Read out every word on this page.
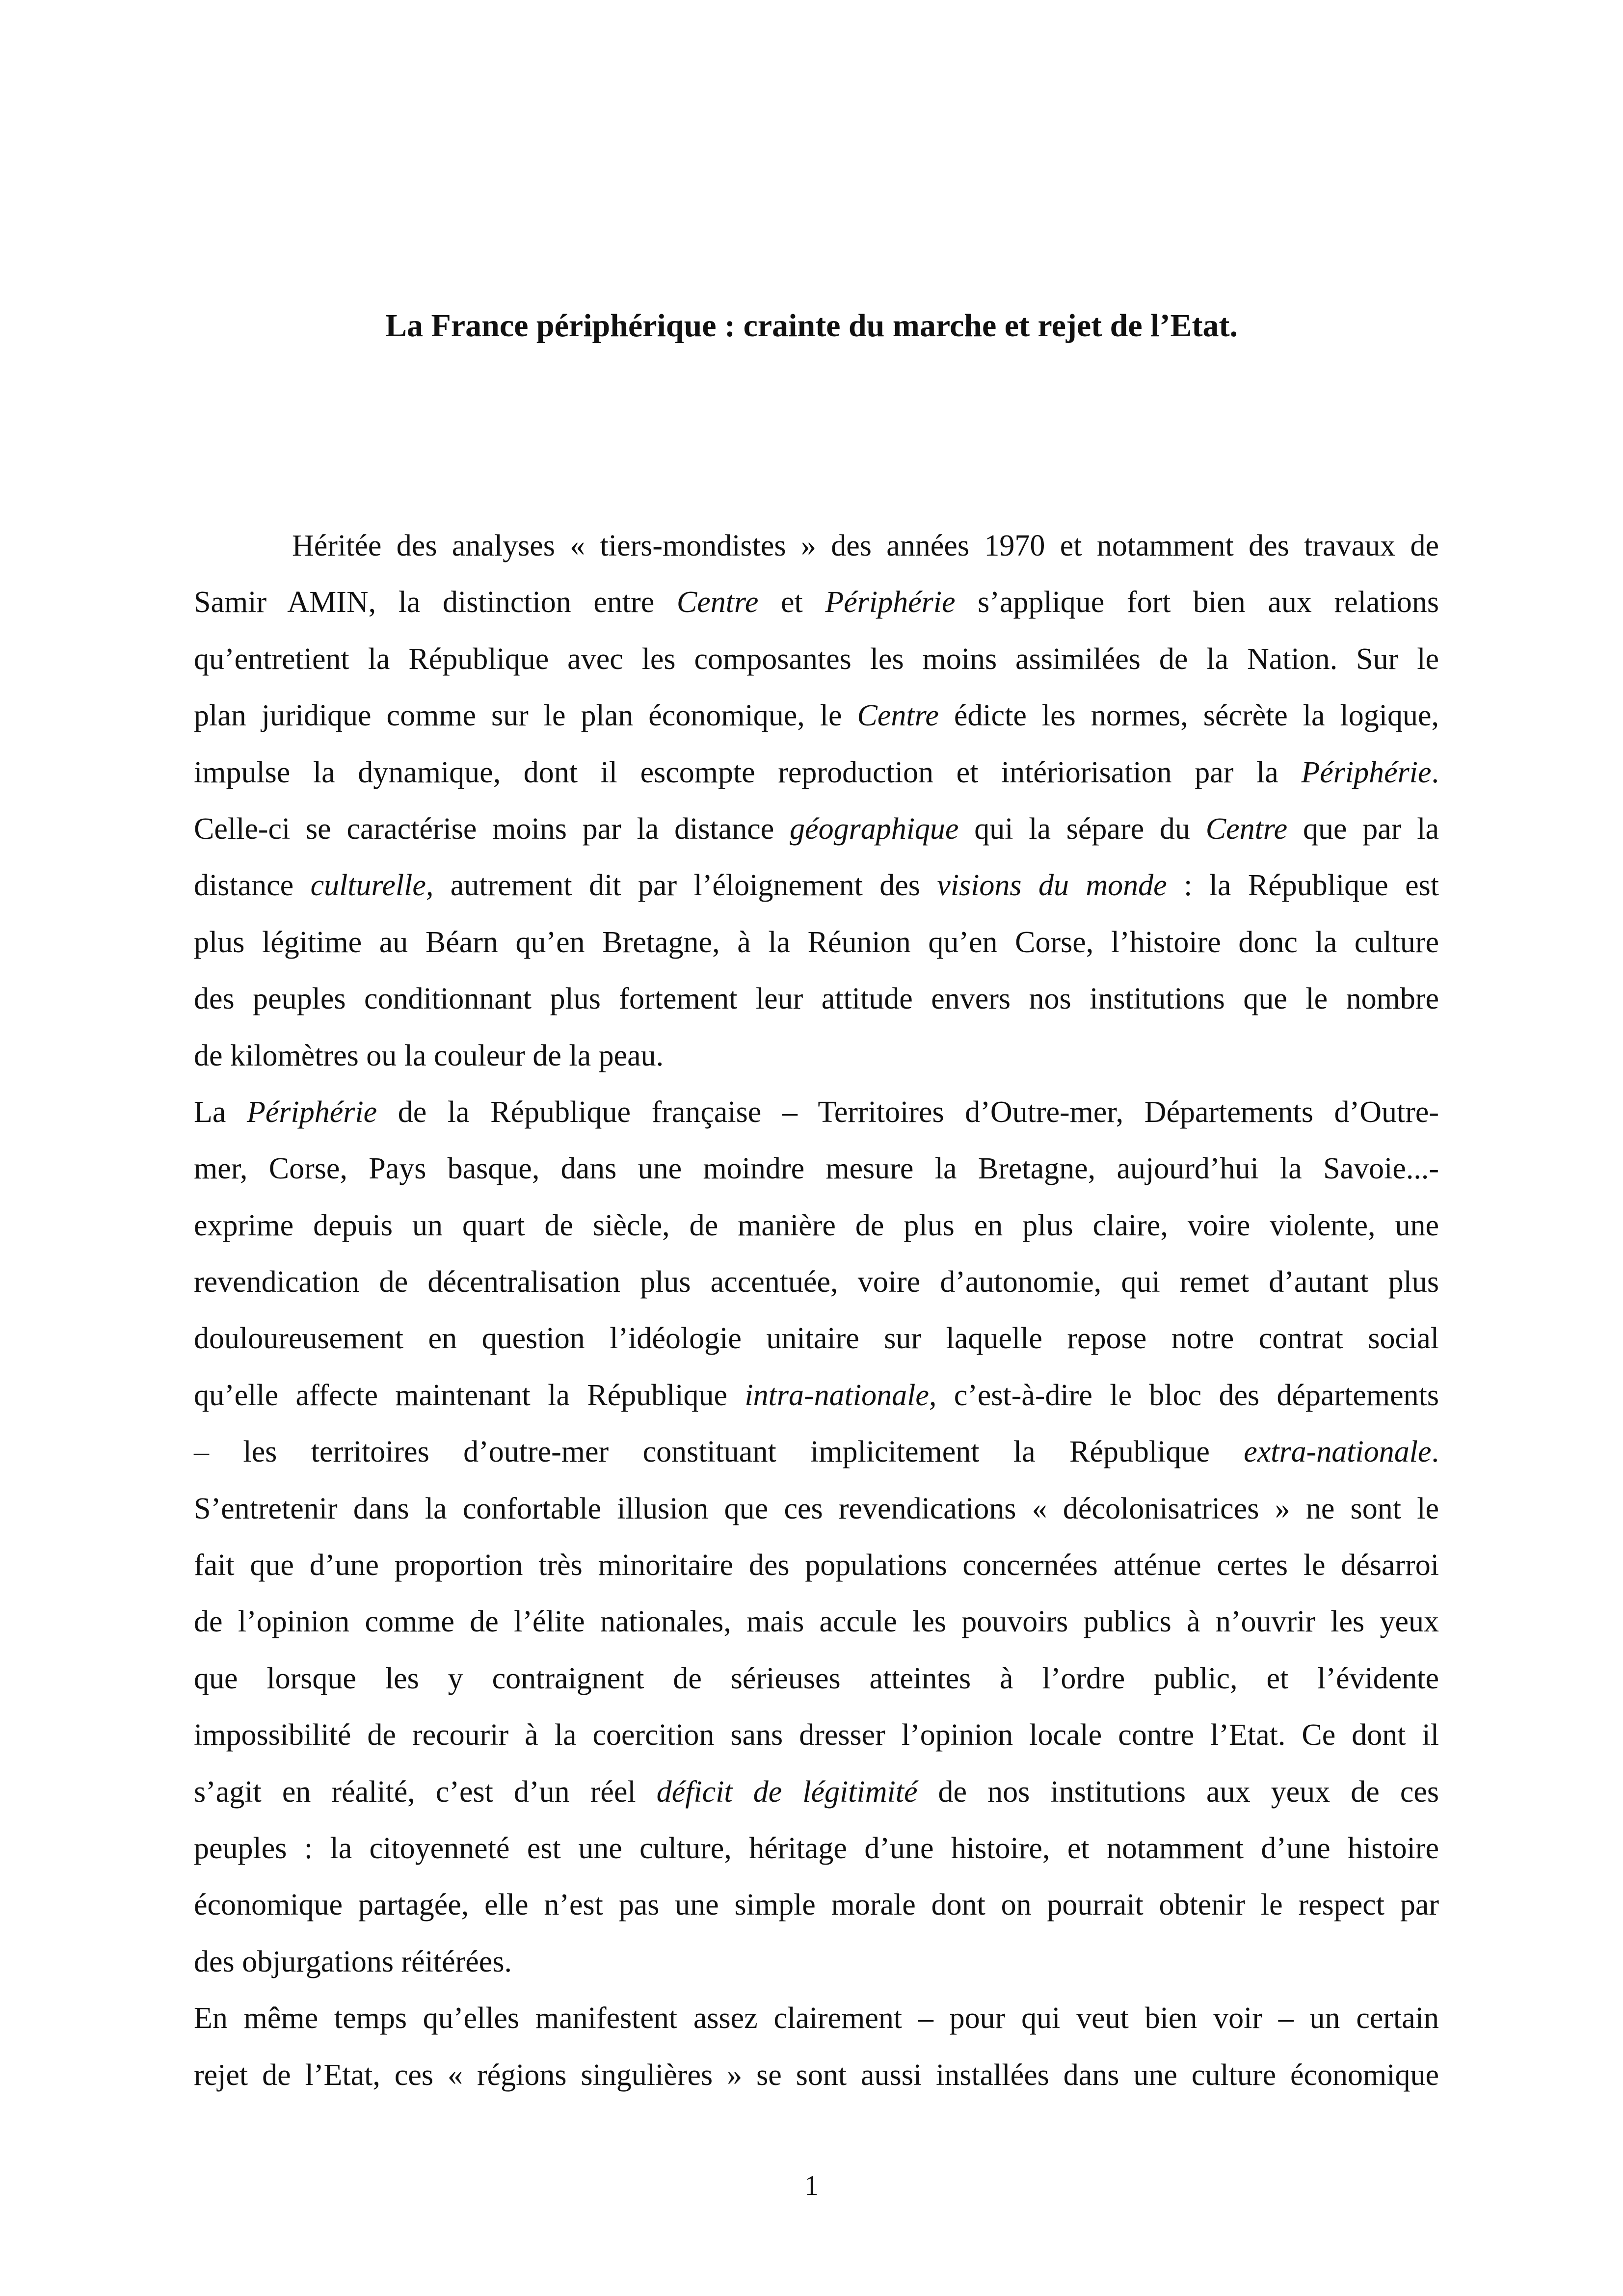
La France périphérique : crainte du marche et rejet de l’Etat.
Héritée des analyses « tiers-mondistes » des années 1970 et notamment des travaux de
Samir AMIN, la distinction entre Centre et Périphérie s’applique fort bien aux relations
qu’entretient la République avec les composantes les moins assimilées de la Nation. Sur le
plan juridique comme sur le plan économique, le Centre édicte les normes, sécrète la logique,
impulse la dynamique, dont il escompte reproduction et intériorisation par la Périphérie.
Celle-ci se caractérise moins par la distance géographique qui la sépare du Centre que par la
distance culturelle, autrement dit par l’éloignement des visions du monde : la République est
plus légitime au Béarn qu’en Bretagne, à la Réunion qu’en Corse, l’histoire donc la culture
des peuples conditionnant plus fortement leur attitude envers nos institutions que le nombre
de kilomètres ou la couleur de la peau.
La Périphérie de la République française – Territoires d’Outre-mer, Départements d’Outre-
mer, Corse, Pays basque, dans une moindre mesure la Bretagne, aujourd’hui la Savoie...-
exprime depuis un quart de siècle, de manière de plus en plus claire, voire violente, une
revendication de décentralisation plus accentuée, voire d’autonomie, qui remet d’autant plus
douloureusement en question l’idéologie unitaire sur laquelle repose notre contrat social
qu’elle affecte maintenant la République intra-nationale, c’est-à-dire le bloc des départements
– les territoires d’outre-mer constituant implicitement la République extra-nationale.
S’entretenir dans la confortable illusion que ces revendications « décolonisatrices » ne sont le
fait que d’une proportion très minoritaire des populations concernées atténue certes le désarroi
de l’opinion comme de l’élite nationales, mais accule les pouvoirs publics à n’ouvrir les yeux
que lorsque les y contraignent de sérieuses atteintes à l’ordre public, et l’évidente
impossibilité de recourir à la coercition sans dresser l’opinion locale contre l’Etat. Ce dont il
s’agit en réalité, c’est d’un réel déficit de légitimité de nos institutions aux yeux de ces
peuples : la citoyenneté est une culture, héritage d’une histoire, et notamment d’une histoire
économique partagée, elle n’est pas une simple morale dont on pourrait obtenir le respect par
des objurgations réitérées.
En même temps qu’elles manifestent assez clairement – pour qui veut bien voir – un certain
rejet de l’Etat, ces « régions singulières » se sont aussi installées dans une culture économique
1
